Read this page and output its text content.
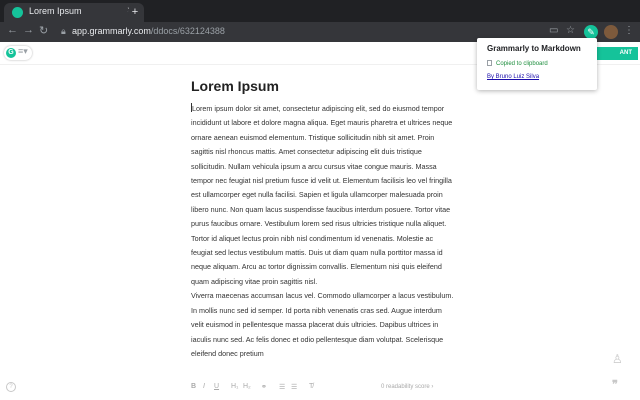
Lorem Ipsum	+
← → ↻ 🔒︎ app.grammarly.com/ddocs/632124388	▭ ☆	✎	⋮
G ≡▾	ANT
Lorem Ipsum

Lorem ipsum dolor sit amet, consectetur adipiscing elit, sed do eiusmod tempor incididunt ut labore et dolore magna aliqua. Eget mauris pharetra et ultrices neque ornare aenean euismod elementum. Tristique sollicitudin nibh sit amet. Proin sagittis nisl rhoncus mattis. Amet consectetur adipiscing elit duis tristique sollicitudin. Nullam vehicula ipsum a arcu cursus vitae congue mauris. Massa tempor nec feugiat nisl pretium fusce id velit ut. Elementum facilisis leo vel fringilla est ullamcorper eget nulla facilisi. Sapien et ligula ullamcorper malesuada proin libero nunc. Non quam lacus suspendisse faucibus interdum posuere. Tortor vitae purus faucibus ornare. Vestibulum lorem sed risus ultricies tristique nulla aliquet. Tortor id aliquet lectus proin nibh nisl condimentum id venenatis. Molestie ac feugiat sed lectus vestibulum mattis. Duis ut diam quam nulla porttitor massa id neque aliquam. Arcu ac tortor dignissim convallis. Elementum nisi quis eleifend quam adipiscing vitae proin sagittis nisl.

Viverra maecenas accumsan lacus vel. Commodo ullamcorper a lacus vestibulum. In mollis nunc sed id semper. Id porta nibh venenatis cras sed. Augue interdum velit euismod in pellentesque massa placerat duis ultricies. Dapibus ultrices in iaculis nunc sed. Ac felis donec et odio pellentesque diam volutpat. Scelerisque eleifend donec pretium

B I U H₁ H₂ ⚭ ☰ ☰ T̸	0 readability score ›
?
♙
❞
Grammarly to Markdown
Copied to clipboard
By Bruno Luiz Silva
